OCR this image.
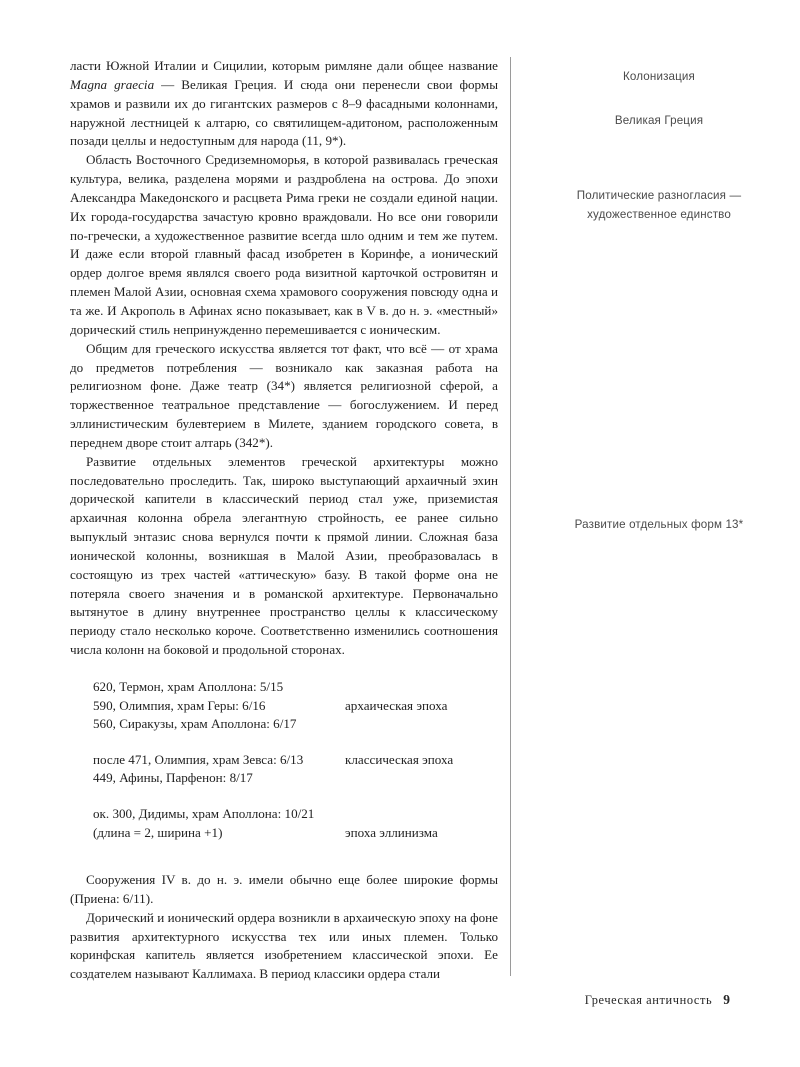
ласти Южной Италии и Сицилии, которым римляне дали общее название Magna graecia — Великая Греция. И сюда они перенесли свои формы храмов и развили их до гигантских размеров с 8–9 фасадными колоннами, наружной лестницей к алтарю, со святилищем-адитоном, расположенным позади целлы и недоступным для народа (11, 9*).

Область Восточного Средиземноморья, в которой развивалась греческая культура, велика, разделена морями и раздроблена на острова. До эпохи Александра Македонского и расцвета Рима греки не создали единой нации. Их города-государства зачастую кровно враждовали. Но все они говорили по-гречески, а художественное развитие всегда шло одним и тем же путем. И даже если второй главный фасад изобретен в Коринфе, а ионический ордер долгое время являлся своего рода визитной карточкой островитян и племен Малой Азии, основная схема храмового сооружения повсюду одна и та же. И Акрополь в Афинах ясно показывает, как в V в. до н. э. «местный» дорический стиль непринужденно перемешивается с ионическим.

Общим для греческого искусства является тот факт, что всё — от храма до предметов потребления — возникало как заказная работа на религиозном фоне. Даже театр (34*) является религиозной сферой, а торжественное театральное представление — богослужением. И перед эллинистическим булевтерием в Милете, зданием городского совета, в переднем дворе стоит алтарь (342*).

Развитие отдельных элементов греческой архитектуры можно последовательно проследить. Так, широко выступающий архаичный эхин дорической капители в классический период стал уже, приземистая архаичная колонна обрела элегантную стройность, ее ранее сильно выпуклый энтазис снова вернулся почти к прямой линии. Сложная база ионической колонны, возникшая в Малой Азии, преобразовалась в состоящую из трех частей «аттическую» базу. В такой форме она не потеряла своего значения и в романской архитектуре. Первоначально вытянутое в длину внутреннее пространство целлы к классическому периоду стало несколько короче. Соответственно изменились соотношения числа колонн на боковой и продольной сторонах.

620, Термон, храм Аполлона: 5/15
590, Олимпия, храм Геры: 6/16
560, Сиракузы, храм Аполлона: 6/17
архаическая эпоха
после 471, Олимпия, храм Зевса: 6/13
449, Афины, Парфенон: 8/17
классическая эпоха
ок. 300, Дидимы, храм Аполлона: 10/21
(длина = 2, ширина +1)	эпоха эллинизма

Сооружения IV в. до н. э. имели обычно еще более широкие формы (Приена: 6/11).

Дорический и ионический ордера возникли в архаическую эпоху на фоне развития архитектурного искусства тех или иных племен. Только коринфская капитель является изобретением классической эпохи. Ее создателем называют Каллимаха. В период классики ордера стали

Колонизация
Великая Греция
Политические разногласия —
художественное единство
Развитие отдельных форм 13*
Греческая античность 9
